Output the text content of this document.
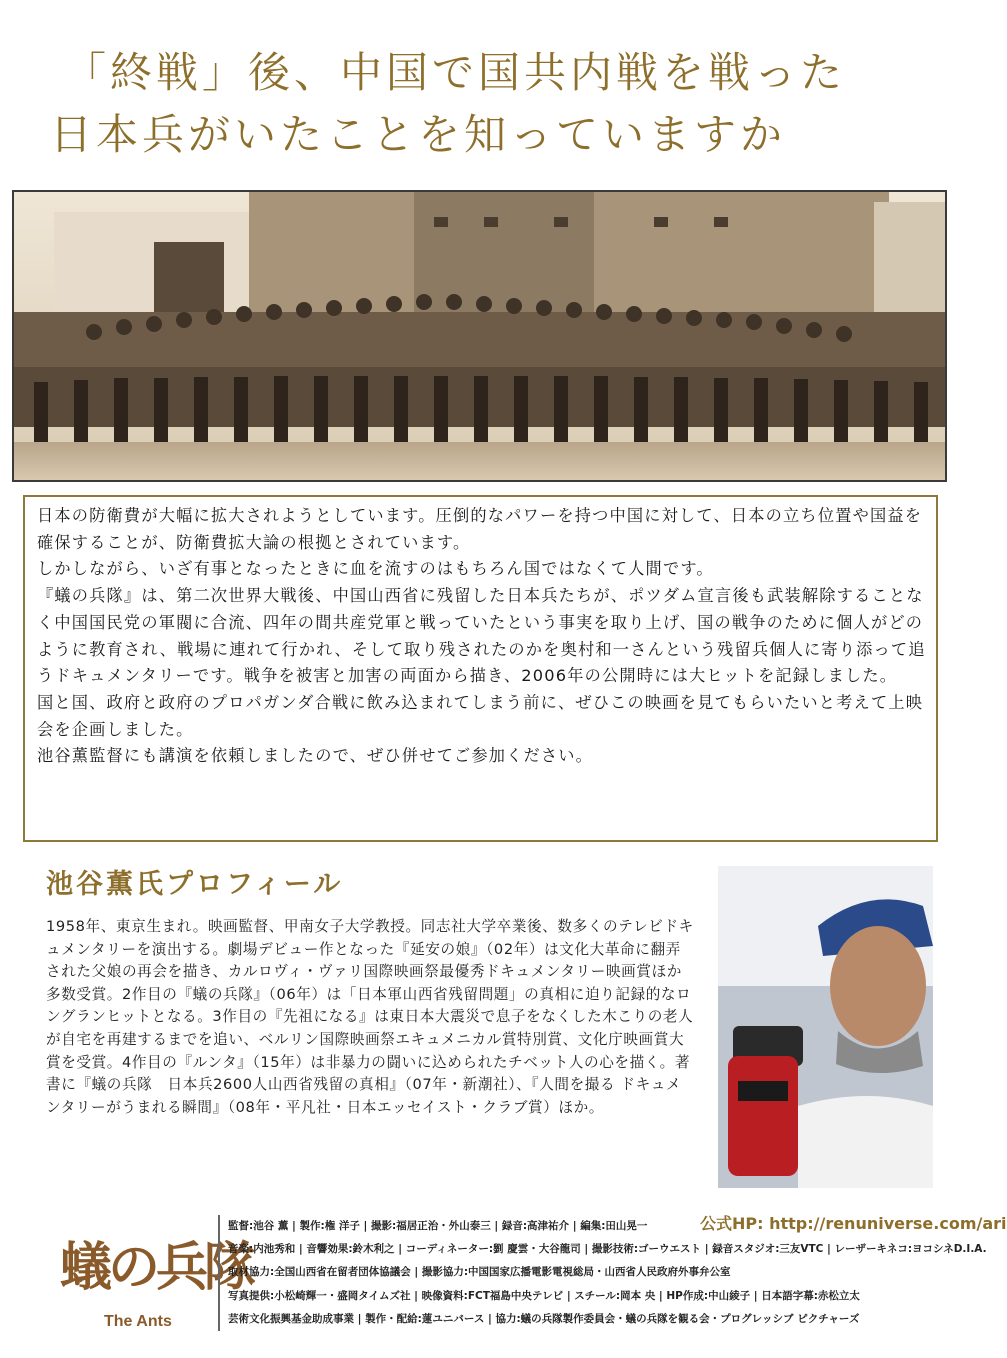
「終戦」後、中国で国共内戦を戦った
日本兵がいたことを知っていますか

日本の防衛費が大幅に拡大されようとしています。圧倒的なパワーを持つ中国に対して、日本の立ち位置や国益を確保することが、防衛費拡大論の根拠とされています。

しかしながら、いざ有事となったときに血を流すのはもちろん国ではなくて人間です。

『蟻の兵隊』は、第二次世界大戦後、中国山西省に残留した日本兵たちが、ポツダム宣言後も武装解除することなく中国国民党の軍閥に合流、四年の間共産党軍と戦っていたという事実を取り上げ、国の戦争のために個人がどのように教育され、戦場に連れて行かれ、そして取り残されたのかを奥村和一さんという残留兵個人に寄り添って追うドキュメンタリーです。戦争を被害と加害の両面から描き、2006年の公開時には大ヒットを記録しました。

国と国、政府と政府のプロパガンダ合戦に飲み込まれてしまう前に、ぜひこの映画を見てもらいたいと考えて上映会を企画しました。

池谷薫監督にも講演を依頼しましたので、ぜひ併せてご参加ください。

池谷薫氏プロフィール
1958年、東京生まれ。映画監督、甲南女子大学教授。同志社大学卒業後、数多くのテレビドキュメンタリーを演出する。劇場デビュー作となった『延安の娘』（02年）は文化大革命に翻弄された父娘の再会を描き、カルロヴィ・ヴァリ国際映画祭最優秀ドキュメンタリー映画賞ほか多数受賞。2作目の『蟻の兵隊』（06年）は「日本軍山西省残留問題」の真相に迫り記録的なロングランヒットとなる。3作目の『先祖になる』は東日本大震災で息子をなくした木こりの老人が自宅を再建するまでを追い、ベルリン国際映画祭エキュメニカル賞特別賞、文化庁映画賞大賞を受賞。4作目の『ルンタ』（15年）は非暴力の闘いに込められたチベット人の心を描く。著書に『蟻の兵隊　日本兵2600人山西省残留の真相』（07年・新潮社）、『人間を撮る ドキュメンタリーがうまれる瞬間』（08年・平凡社・日本エッセイスト・クラブ賞）ほか。
蟻の兵隊
The Ants
公式HP: http://renuniverse.com/ari
監督:池谷 薫 | 製作:権 洋子 | 撮影:福居正治・外山泰三 | 録音:高津祐介 | 編集:田山晃一
音楽:内池秀和 | 音響効果:鈴木利之 | コーディネーター:劉 慶雲・大谷龍司 | 撮影技術:ゴーウエスト | 録音スタジオ:三友VTC | レーザーキネコ:ヨコシネD.I.A.
取材協力:全国山西省在留者団体協議会 | 撮影協力:中国国家広播電影電視総局・山西省人民政府外事弁公室
写真提供:小松崎輝一・盛岡タイムズ社 | 映像資料:FCT福島中央テレビ | スチール:岡本 央 | HP作成:中山綾子 | 日本語字幕:赤松立太
芸術文化振興基金助成事業 | 製作・配給:蓮ユニバース | 協力:蟻の兵隊製作委員会・蟻の兵隊を観る会・プログレッシブ ピクチャーズ
